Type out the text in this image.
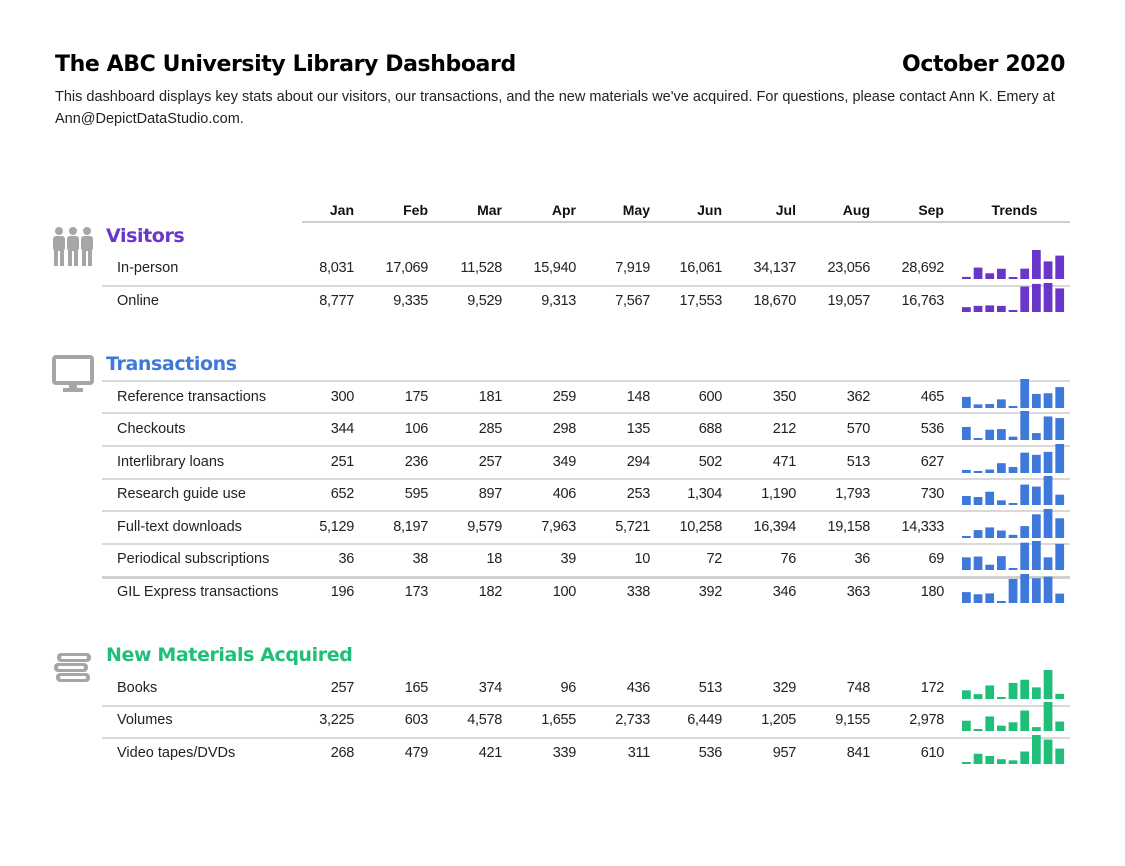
The ABC University Library Dashboard	October 2020
This dashboard displays key stats about our visitors, our transactions, and the new materials we've acquired. For questions, please contact Ann K. Emery at Ann@DepictDataStudio.com.
Jan	Feb	Mar	Apr	May	Jun	Jul	Aug	Sep	Trends
Visitors
In-person	8,031	17,069	11,528	15,940	7,919	16,061	34,137	23,056	28,692
Online	8,777	9,335	9,529	9,313	7,567	17,553	18,670	19,057	16,763
Transactions
Reference transactions	300	175	181	259	148	600	350	362	465
Checkouts	344	106	285	298	135	688	212	570	536
Interlibrary loans	251	236	257	349	294	502	471	513	627
Research guide use	652	595	897	406	253	1,304	1,190	1,793	730
Full-text downloads	5,129	8,197	9,579	7,963	5,721	10,258	16,394	19,158	14,333
Periodical subscriptions	36	38	18	39	10	72	76	36	69
GIL Express transactions	196	173	182	100	338	392	346	363	180
New Materials Acquired
Books	257	165	374	96	436	513	329	748	172
Volumes	3,225	603	4,578	1,655	2,733	6,449	1,205	9,155	2,978
Video tapes/DVDs	268	479	421	339	311	536	957	841	610
